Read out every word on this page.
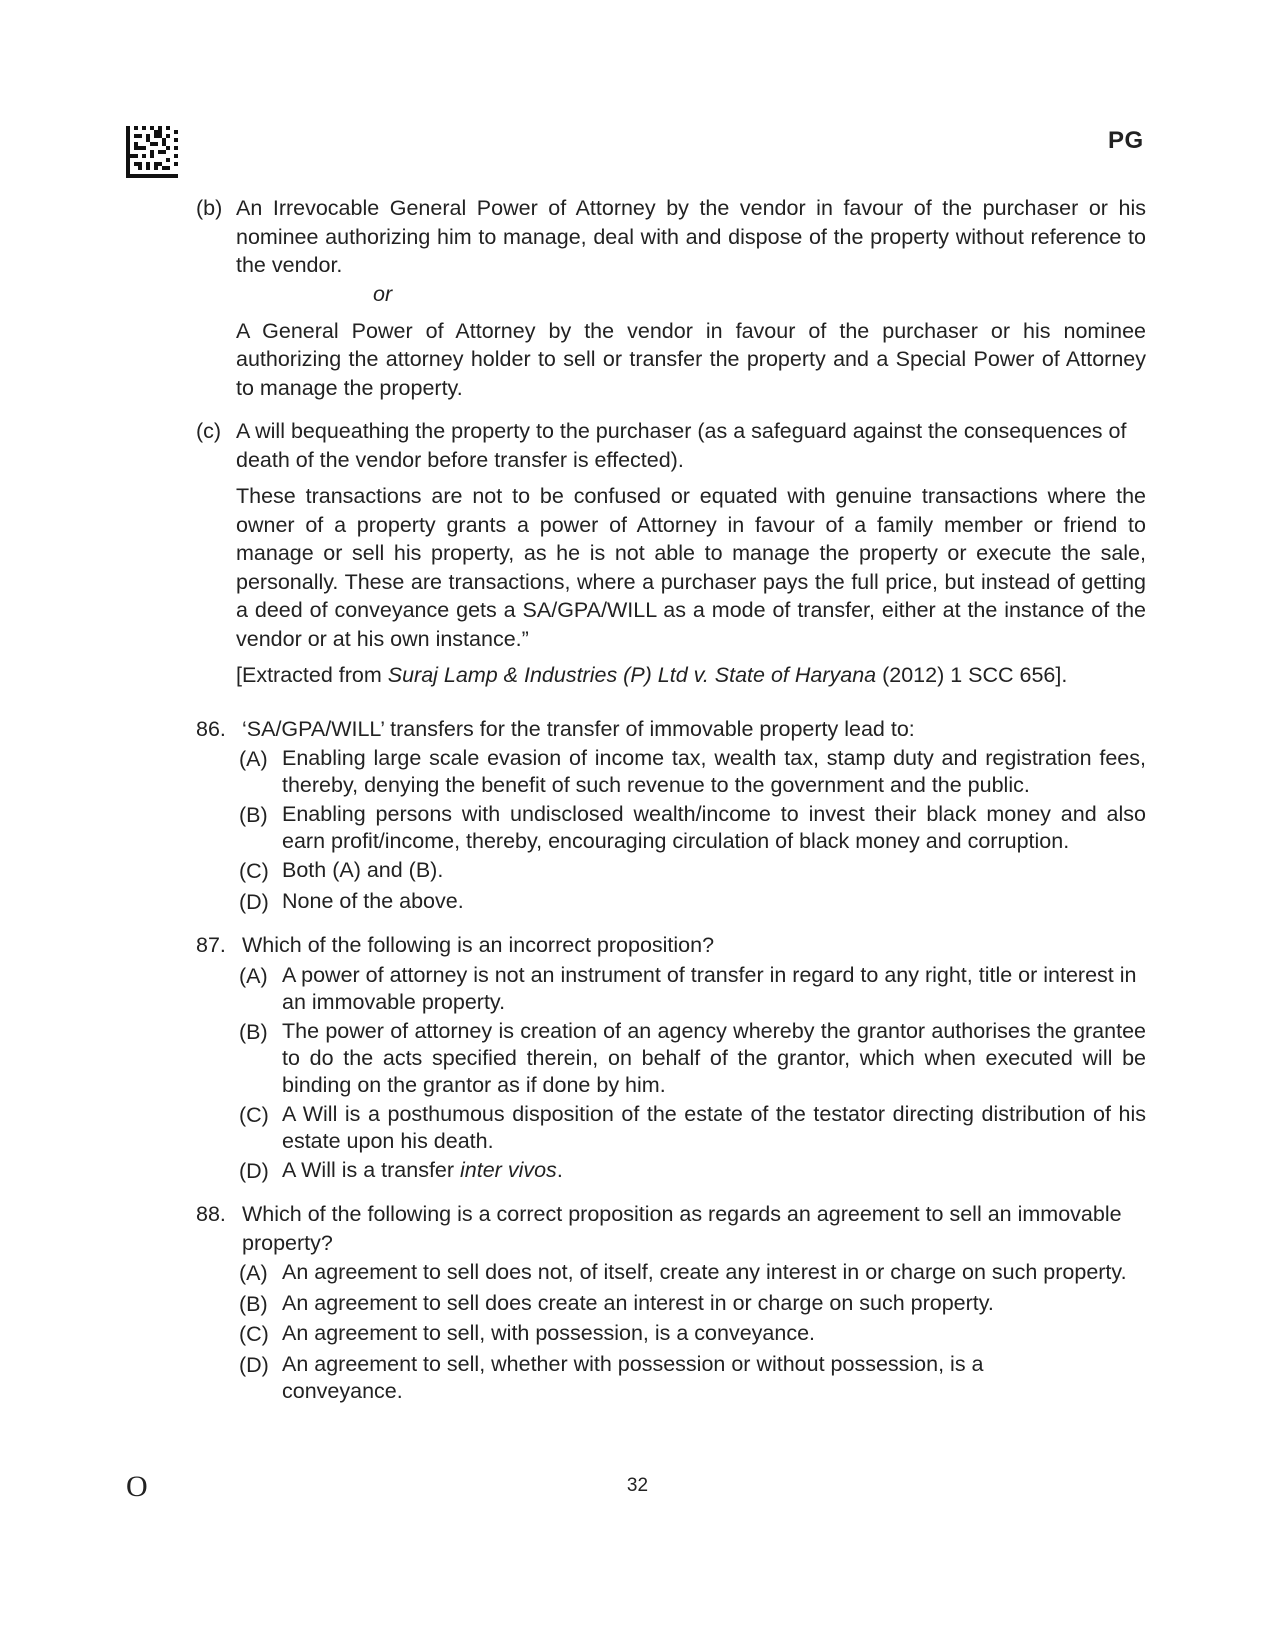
PG
(b) An Irrevocable General Power of Attorney by the vendor in favour of the purchaser or his nominee authorizing him to manage, deal with and dispose of the property without reference to the vendor.

or

A General Power of Attorney by the vendor in favour of the purchaser or his nominee authorizing the attorney holder to sell or transfer the property and a Special Power of Attorney to manage the property.

(c) A will bequeathing the property to the purchaser (as a safeguard against the consequences of death of the vendor before transfer is effected).

These transactions are not to be confused or equated with genuine transactions where the owner of a property grants a power of Attorney in favour of a family member or friend to manage or sell his property, as he is not able to manage the property or execute the sale, personally. These are transactions, where a purchaser pays the full price, but instead of getting a deed of conveyance gets a SA/GPA/WILL as a mode of transfer, either at the instance of the vendor or at his own instance.”

[Extracted from Suraj Lamp & Industries (P) Ltd v. State of Haryana (2012) 1 SCC 656].

86. ‘SA/GPA/WILL’ transfers for the transfer of immovable property lead to:
(A) Enabling large scale evasion of income tax, wealth tax, stamp duty and registration fees, thereby, denying the benefit of such revenue to the government and the public.
(B) Enabling persons with undisclosed wealth/income to invest their black money and also earn profit/income, thereby, encouraging circulation of black money and corruption.
(C) Both (A) and (B).
(D) None of the above.
87. Which of the following is an incorrect proposition?
(A) A power of attorney is not an instrument of transfer in regard to any right, title or interest in an immovable property.
(B) The power of attorney is creation of an agency whereby the grantor authorises the grantee to do the acts specified therein, on behalf of the grantor, which when executed will be binding on the grantor as if done by him.
(C) A Will is a posthumous disposition of the estate of the testator directing distribution of his estate upon his death.
(D) A Will is a transfer inter vivos.
88. Which of the following is a correct proposition as regards an agreement to sell an immovable property?
(A) An agreement to sell does not, of itself, create any interest in or charge on such property.
(B) An agreement to sell does create an interest in or charge on such property.
(C) An agreement to sell, with possession, is a conveyance.
(D) An agreement to sell, whether with possession or without possession, is a conveyance.
O	32
